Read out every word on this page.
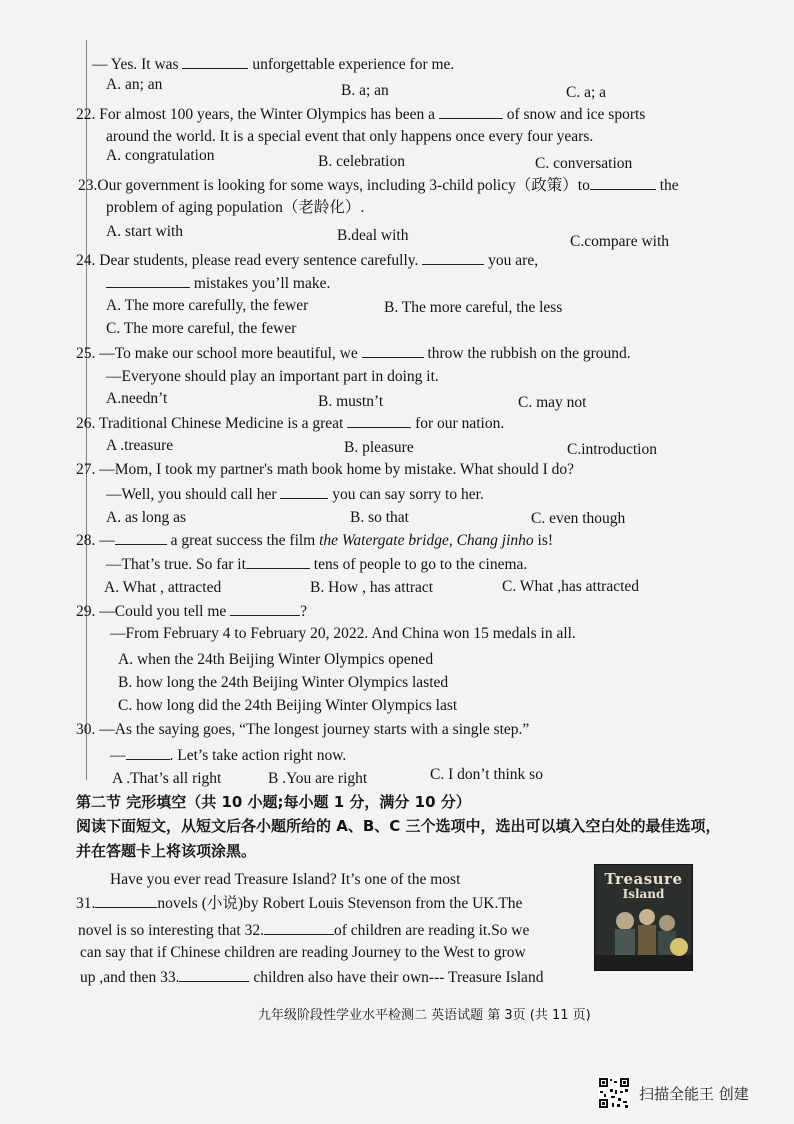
— Yes. It was	unforgettable experience for me.
A. an; an	B. a; an	C. a; a
22. For almost 100 years, the Winter Olympics has been a	of snow and ice sports
around the world. It is a special event that only happens once every four years.
A. congratulation	B. celebration	C. conversation
23.Our government is looking for some ways, including 3-child policy（政策）to	the
problem of aging population（老龄化）.
A. start with	B.deal with	C.compare with
24. Dear students, please read every sentence carefully.	you are,
mistakes you’ll make.
A. The more carefully, the fewer	B. The more careful, the less
C. The more careful, the fewer
25. —To make our school more beautiful, we	throw the rubbish on the ground.
—Everyone should play an important part in doing it.
A.needn’t	B. mustn’t	C. may not
26. Traditional Chinese Medicine is a great	for our nation.
A .treasure	B. pleasure	C.introduction
27. —Mom, I took my partner's math book home by mistake. What should I do?
—Well, you should call her	you can say sorry to her.
A. as long as	B. so that	C. even though
28. —	a great success the film the Watergate bridge, Chang jinho is!
—That’s true. So far it	tens of people to go to the cinema.
A. What , attracted	B. How , has attract	C. What ,has attracted
29. —Could you tell me	?
—From February 4 to February 20, 2022. And China won 15 medals in all.
A. when the 24th Beijing Winter Olympics opened
B. how long the 24th Beijing Winter Olympics lasted
C. how long did the 24th Beijing Winter Olympics last
30. —As the saying goes, “The longest journey starts with a single step.”
—	. Let’s take action right now.
A .That’s all right	B .You are right	C. I don’t think so
第二节 完形填空（共 10 小题;每小题 1 分，满分 10 分）
阅读下面短文，从短文后各小题所给的 A、B、C 三个选项中，选出可以填入空白处的最佳选项，
并在答题卡上将该项涂黑。
Have you ever read Treasure Island? It’s one of the most
31.	novels (小说)by Robert Louis Stevenson from the UK.The
novel is so interesting that 32.	of children are reading it.So we
can say that if Chinese children are reading Journey to the West to grow
up ,and then 33.	children also have their own--- Treasure Island
Treasure
Island
九年级阶段性学业水平检测二 英语试题 第 3页 (共 11 页)
扫描全能王 创建
